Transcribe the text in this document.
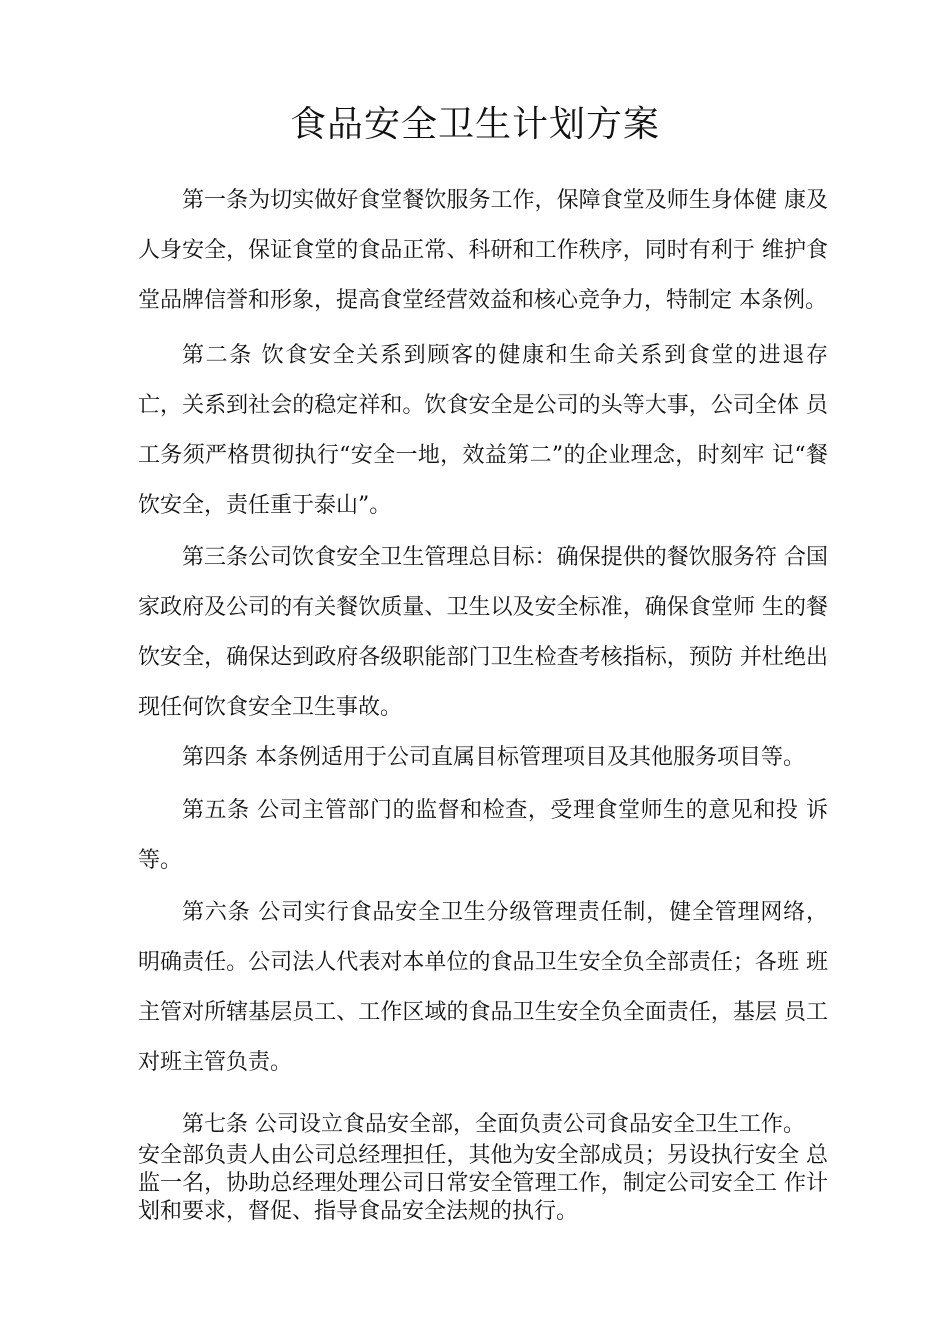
食品安全卫生计划方案

第一条为切实做好食堂餐饮服务工作，保障食堂及师生身体健 康及人身安全，保证食堂的食品正常、科研和工作秩序，同时有利于 维护食堂品牌信誉和形象，提高食堂经营效益和核心竞争力，特制定 本条例。

第二条 饮食安全关系到顾客的健康和生命关系到食堂的进退存 亡，关系到社会的稳定祥和。饮食安全是公司的头等大事，公司全体 员工务须严格贯彻执行“安全一地，效益第二”的企业理念，时刻牢 记“餐饮安全，责任重于泰山”。

第三条公司饮食安全卫生管理总目标：确保提供的餐饮服务符 合国家政府及公司的有关餐饮质量、卫生以及安全标准，确保食堂师 生的餐饮安全，确保达到政府各级职能部门卫生检查考核指标，预防 并杜绝出现任何饮食安全卫生事故。

第四条 本条例适用于公司直属目标管理项目及其他服务项目等。

第五条 公司主管部门的监督和检查，受理食堂师生的意见和投 诉等。

第六条 公司实行食品安全卫生分级管理责任制，健全管理网络， 明确责任。公司法人代表对本单位的食品卫生安全负全部责任；各班 班主管对所辖基层员工、工作区域的食品卫生安全负全面责任，基层 员工对班主管负责。

第七条 公司设立食品安全部，全面负责公司食品安全卫生工作。

安全部负责人由公司总经理担任，其他为安全部成员；另设执行安全 总监一名，协助总经理处理公司日常安全管理工作，制定公司安全工 作计划和要求，督促、指导食品安全法规的执行。
